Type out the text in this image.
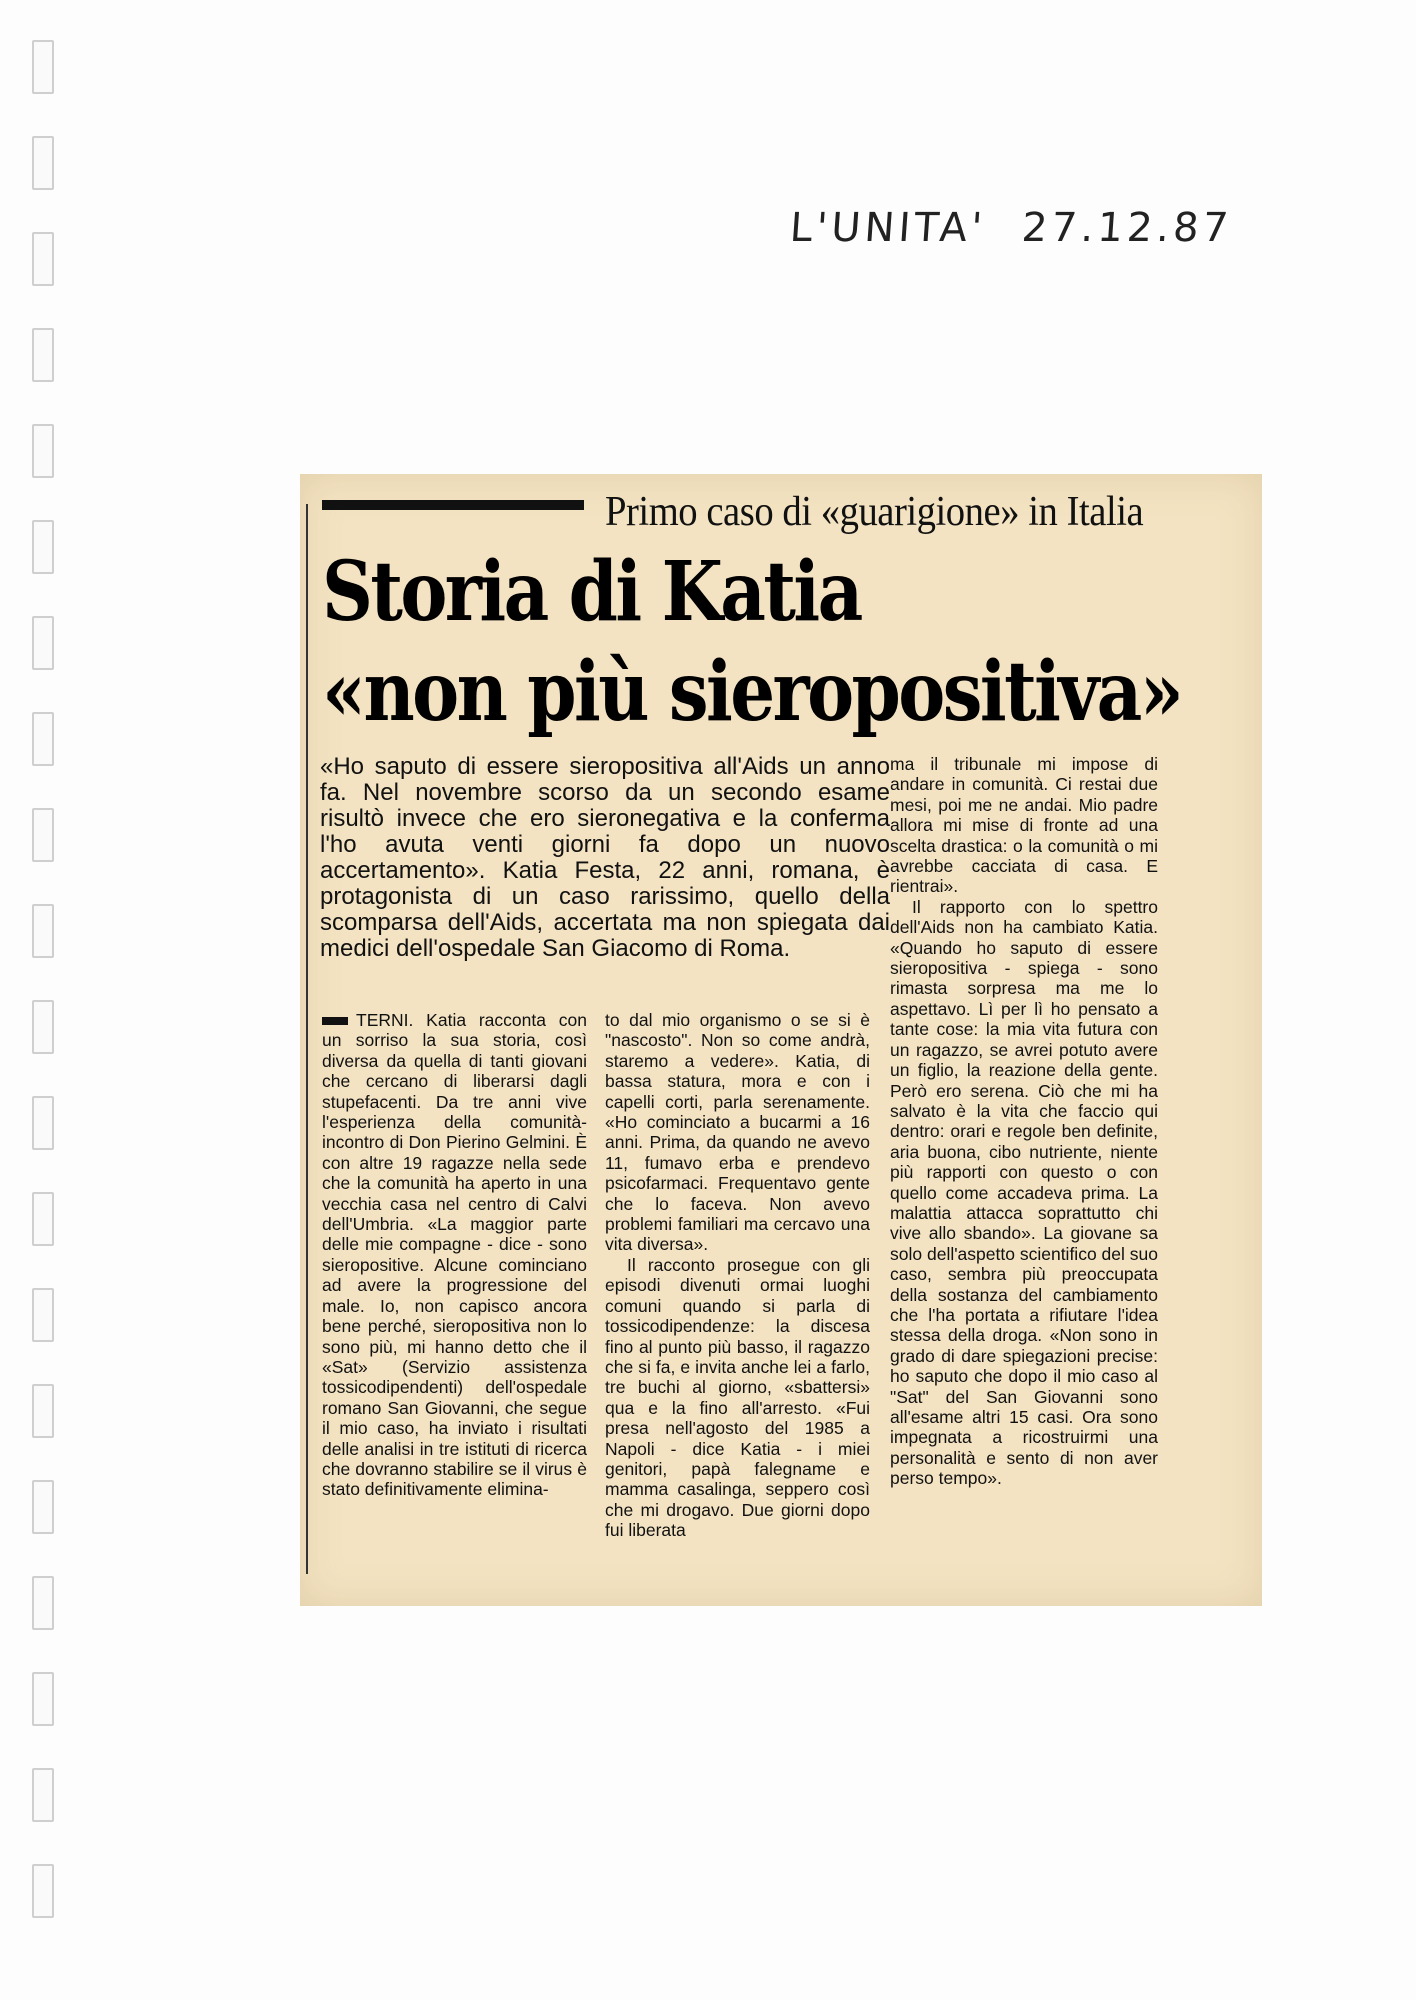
L'UNITA' 27.12.87

Primo caso di «guarigione» in Italia
Storia di Katia
«non più sieropositiva»

«Ho saputo di essere sieropositiva all'Aids un anno fa. Nel novembre scorso da un secondo esame risultò invece che ero sieronegativa e la conferma l'ho avuta venti giorni fa dopo un nuovo accertamento». Katia Festa, 22 anni, romana, è protagonista di un caso rarissimo, quello della scomparsa dell'Aids, accertata ma non spiegata dai medici dell'ospedale San Giacomo di Roma.

TERNI. Katia racconta con un sorriso la sua storia, così diversa da quella di tanti giovani che cercano di liberarsi dagli stupefacenti. Da tre anni vive l'esperienza della comunità-incontro di Don Pierino Gelmini. È con altre 19 ragazze nella sede che la comunità ha aperto in una vecchia casa nel centro di Calvi dell'Umbria. «La maggior parte delle mie compagne - dice - sono sieropositive. Alcune cominciano ad avere la progressione del male. Io, non capisco ancora bene perché, sieropositiva non lo sono più, mi hanno detto che il «Sat» (Servizio assistenza tossicodipendenti) dell'ospedale romano San Giovanni, che segue il mio caso, ha inviato i risultati delle analisi in tre istituti di ricerca che dovranno stabilire se il virus è stato definitivamente elimina-

to dal mio organismo o se si è "nascosto". Non so come andrà, staremo a vedere». Katia, di bassa statura, mora e con i capelli corti, parla serenamente. «Ho cominciato a bucarmi a 16 anni. Prima, da quando ne avevo 11, fumavo erba e prendevo psicofarmaci. Frequentavo gente che lo faceva. Non avevo problemi familiari ma cercavo una vita diversa».

Il racconto prosegue con gli episodi divenuti ormai luoghi comuni quando si parla di tossicodipendenze: la discesa fino al punto più basso, il ragazzo che si fa, e invita anche lei a farlo, tre buchi al giorno, «sbattersi» qua e la fino all'arresto. «Fui presa nell'agosto del 1985 a Napoli - dice Katia - i miei genitori, papà falegname e mamma casalinga, seppero così che mi drogavo. Due giorni dopo fui liberata

ma il tribunale mi impose di andare in comunità. Ci restai due mesi, poi me ne andai. Mio padre allora mi mise di fronte ad una scelta drastica: o la comunità o mi avrebbe cacciata di casa. E rientrai».

Il rapporto con lo spettro dell'Aids non ha cambiato Katia. «Quando ho saputo di essere sieropositiva - spiega - sono rimasta sorpresa ma me lo aspettavo. Lì per lì ho pensato a tante cose: la mia vita futura con un ragazzo, se avrei potuto avere un figlio, la reazione della gente. Però ero serena. Ciò che mi ha salvato è la vita che faccio qui dentro: orari e regole ben definite, aria buona, cibo nutriente, niente più rapporti con questo o con quello come accadeva prima. La malattia attacca soprattutto chi vive allo sbando». La giovane sa solo dell'aspetto scientifico del suo caso, sembra più preoccupata della sostanza del cambiamento che l'ha portata a rifiutare l'idea stessa della droga. «Non sono in grado di dare spiegazioni precise: ho saputo che dopo il mio caso al "Sat" del San Giovanni sono all'esame altri 15 casi. Ora sono impegnata a ricostruirmi una personalità e sento di non aver perso tempo».
